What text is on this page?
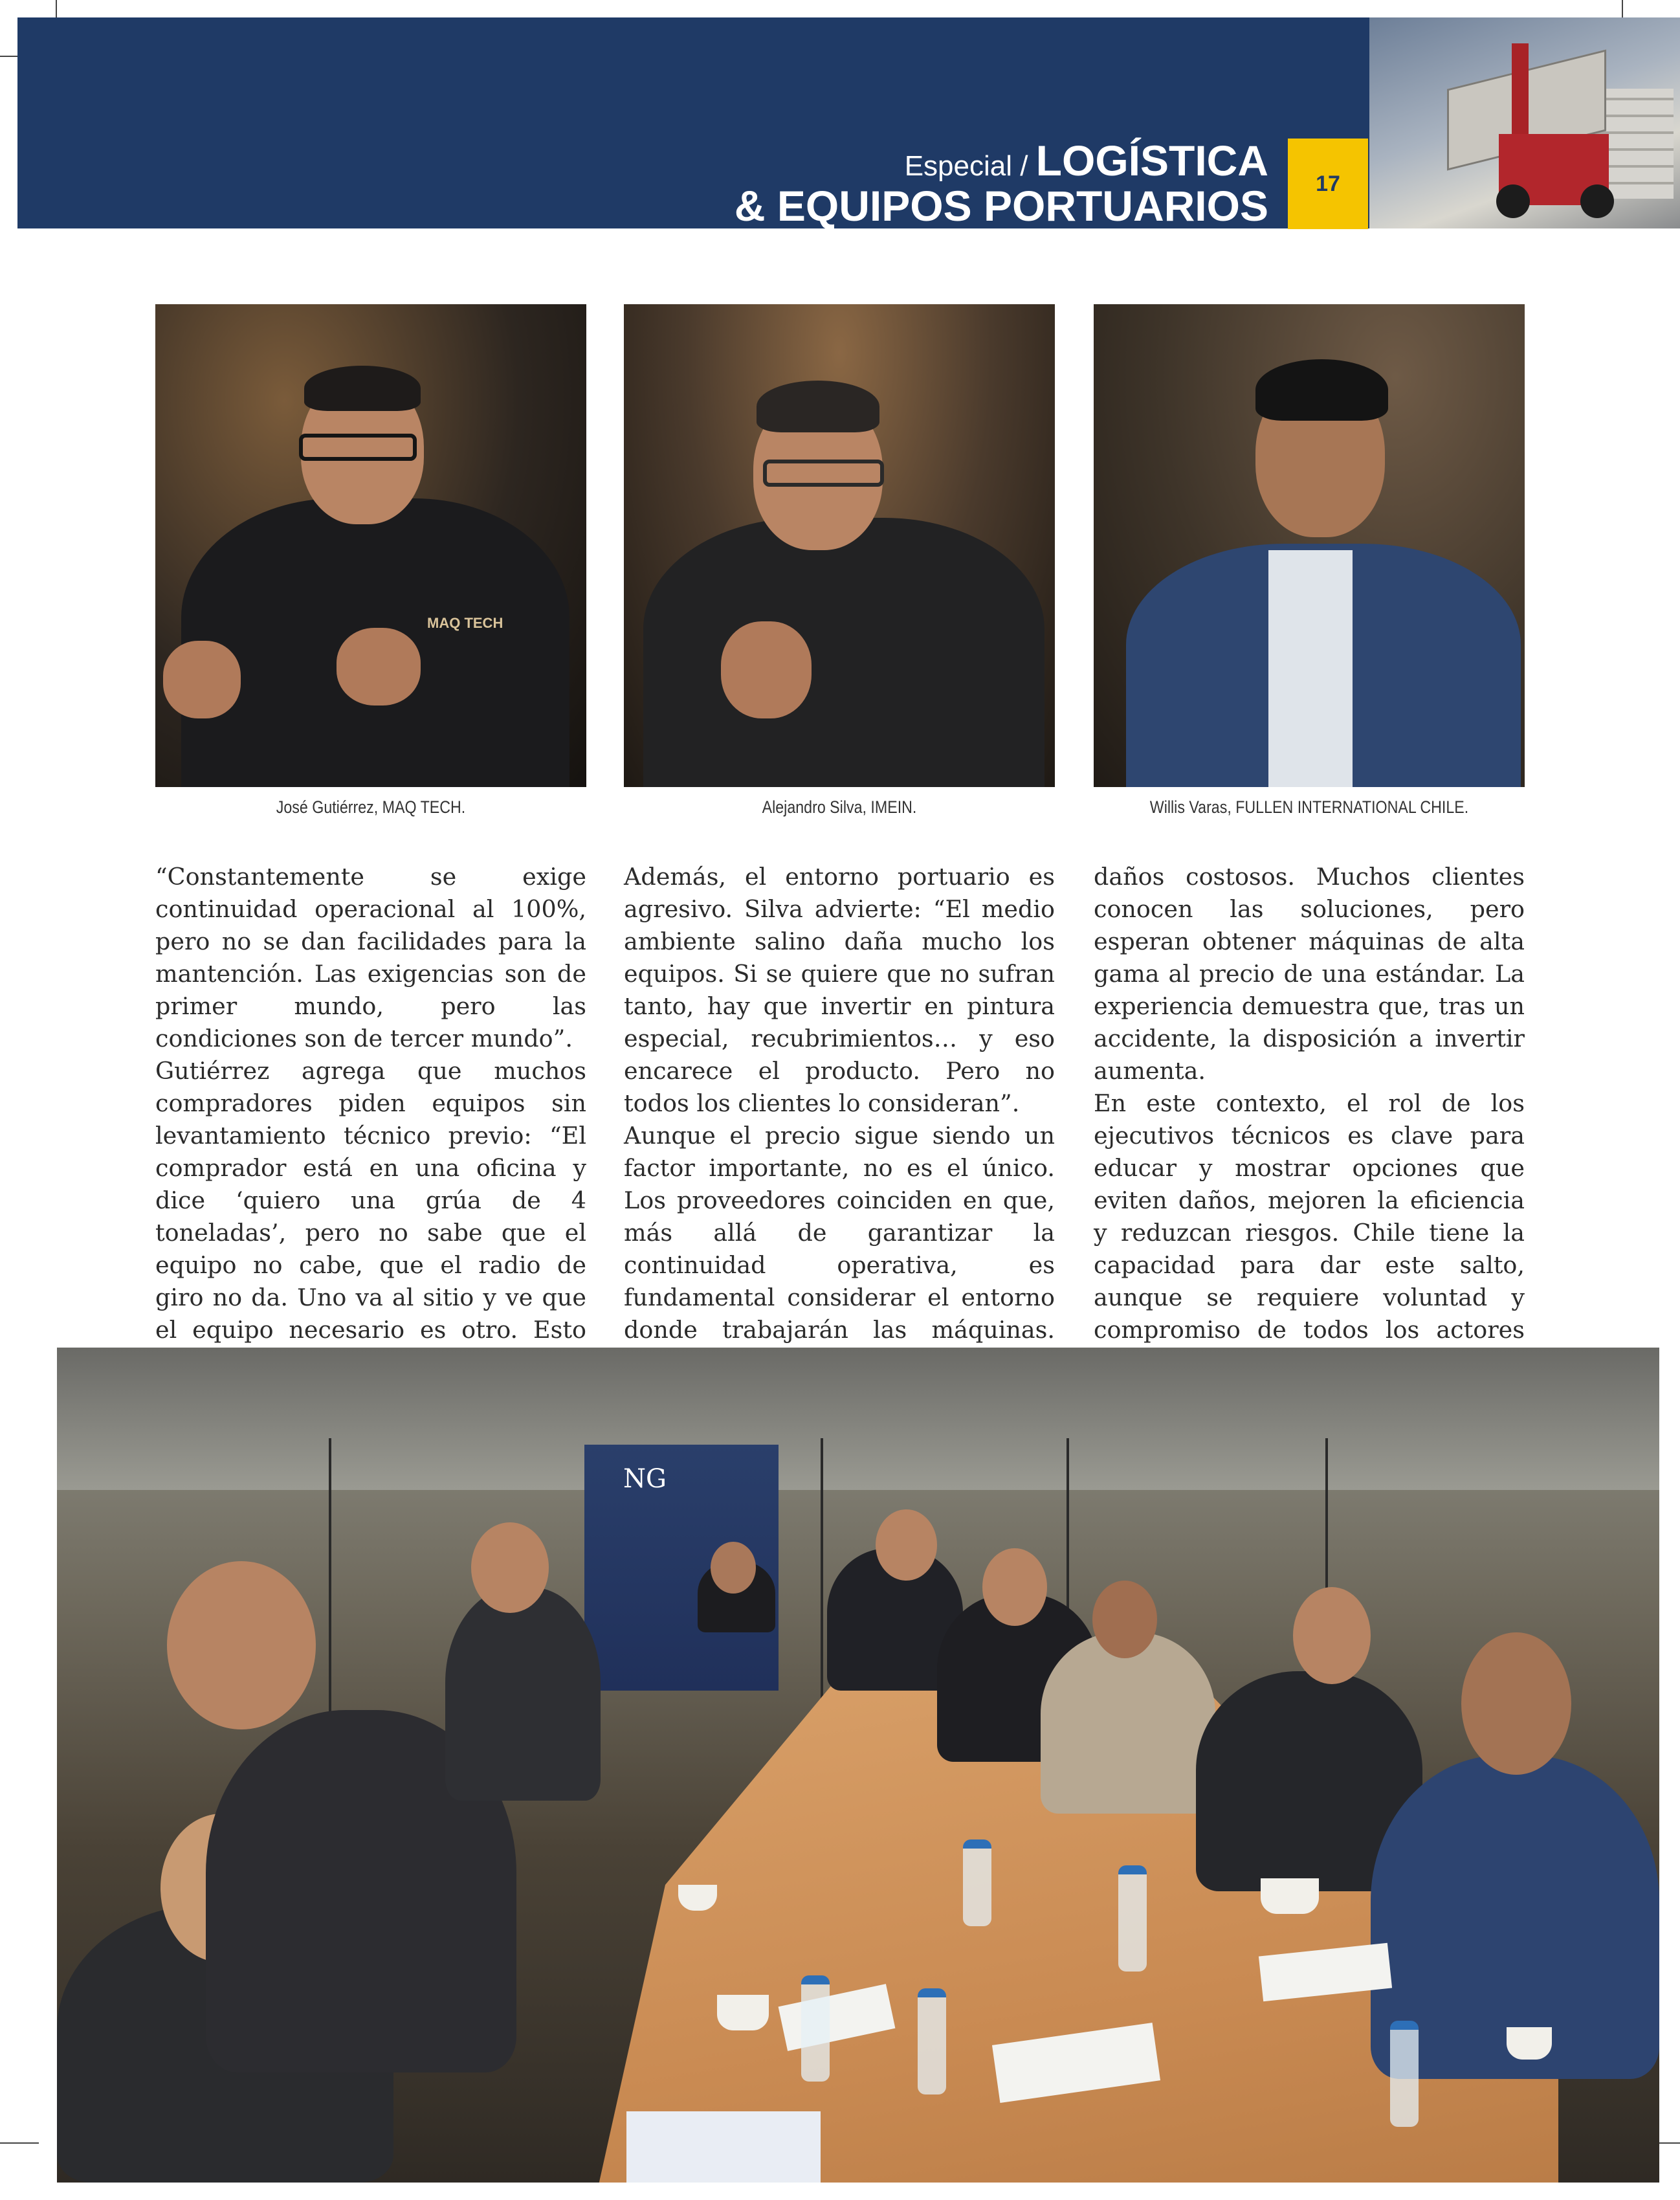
Especial / LOGÍSTICA
& EQUIPOS PORTUARIOS	17
MAQ TECH
José Gutiérrez, MAQ TECH.	Alejandro Silva, IMEIN.	Willis Varas, FULLEN INTERNATIONAL CHILE.

“Constantemente se exige continuidad operacional al 100%, pero no se dan facilidades para la mantención. Las exigencias son de primer mundo, pero las condiciones son de tercer mundo”.
Gutiérrez agrega que muchos compradores piden equipos sin levantamiento técnico previo: “El comprador está en una oficina y dice ‘quiero una grúa de 4 toneladas’, pero no sabe que el equipo no cabe, que el radio de giro no da. Uno va al sitio y ve que el equipo necesario es otro. Esto

Además, el entorno portuario es agresivo. Silva advierte: “El medio ambiente salino daña mucho los equipos. Si se quiere que no sufran tanto, hay que invertir en pintura especial, recubrimientos… y eso encarece el producto. Pero no todos los clientes lo consideran”.
Aunque el precio sigue siendo un factor importante, no es el único. Los proveedores coinciden en que, más allá de garantizar la continuidad operativa, es fundamental considerar el entorno donde trabajarán las máquinas.

daños costosos. Muchos clientes conocen las soluciones, pero esperan obtener máquinas de alta gama al precio de una estándar. La experiencia demuestra que, tras un accidente, la disposición a invertir aumenta.
En este contexto, el rol de los ejecutivos técnicos es clave para educar y mostrar opciones que eviten daños, mejoren la eficiencia y reduzcan riesgos. Chile tiene la capacidad para dar este salto, aunque se requiere voluntad y compromiso de todos los actores

NG
